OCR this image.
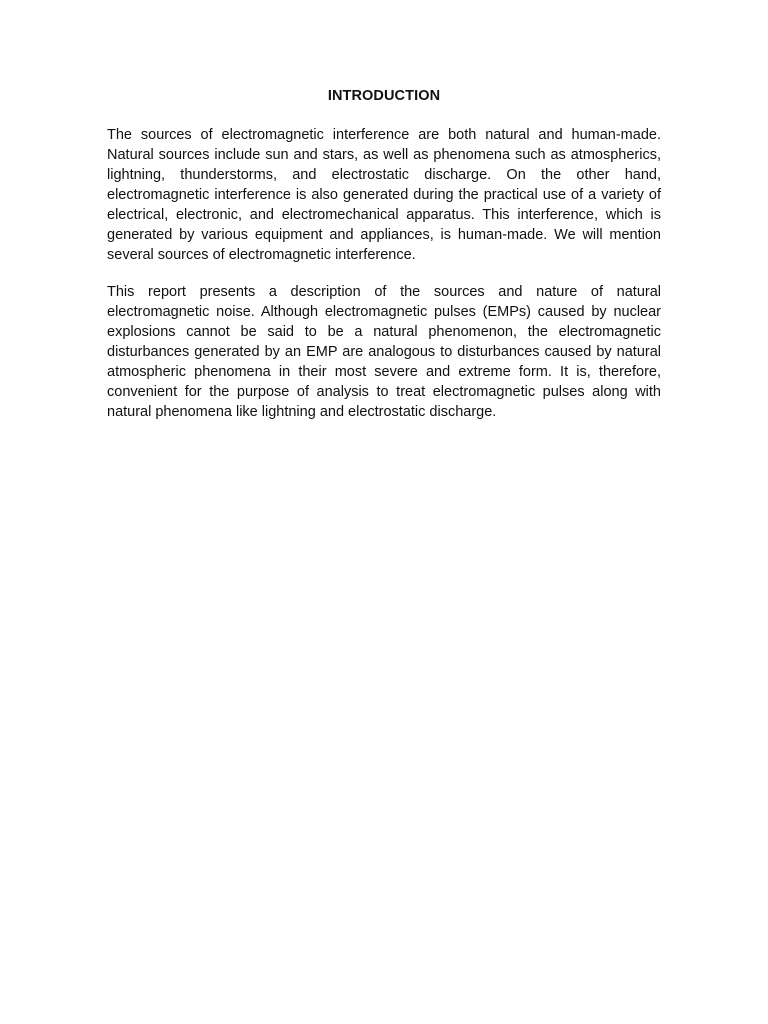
INTRODUCTION

The sources of electromagnetic interference are both natural and human-made. Natural sources include sun and stars, as well as phenomena such as atmospherics, lightning, thunderstorms, and electrostatic discharge. On the other hand, electromagnetic interference is also generated during the practical use of a variety of electrical, electronic, and electromechanical apparatus. This interference, which is generated by various equipment and appliances, is human-made. We will mention several sources of electromagnetic interference.

This report presents a description of the sources and nature of natural electromagnetic noise. Although electromagnetic pulses (EMPs) caused by nuclear explosions cannot be said to be a natural phenomenon, the electromagnetic disturbances generated by an EMP are analogous to disturbances caused by natural atmospheric phenomena in their most severe and extreme form. It is, therefore, convenient for the purpose of analysis to treat electromagnetic pulses along with natural phenomena like lightning and electrostatic discharge.
